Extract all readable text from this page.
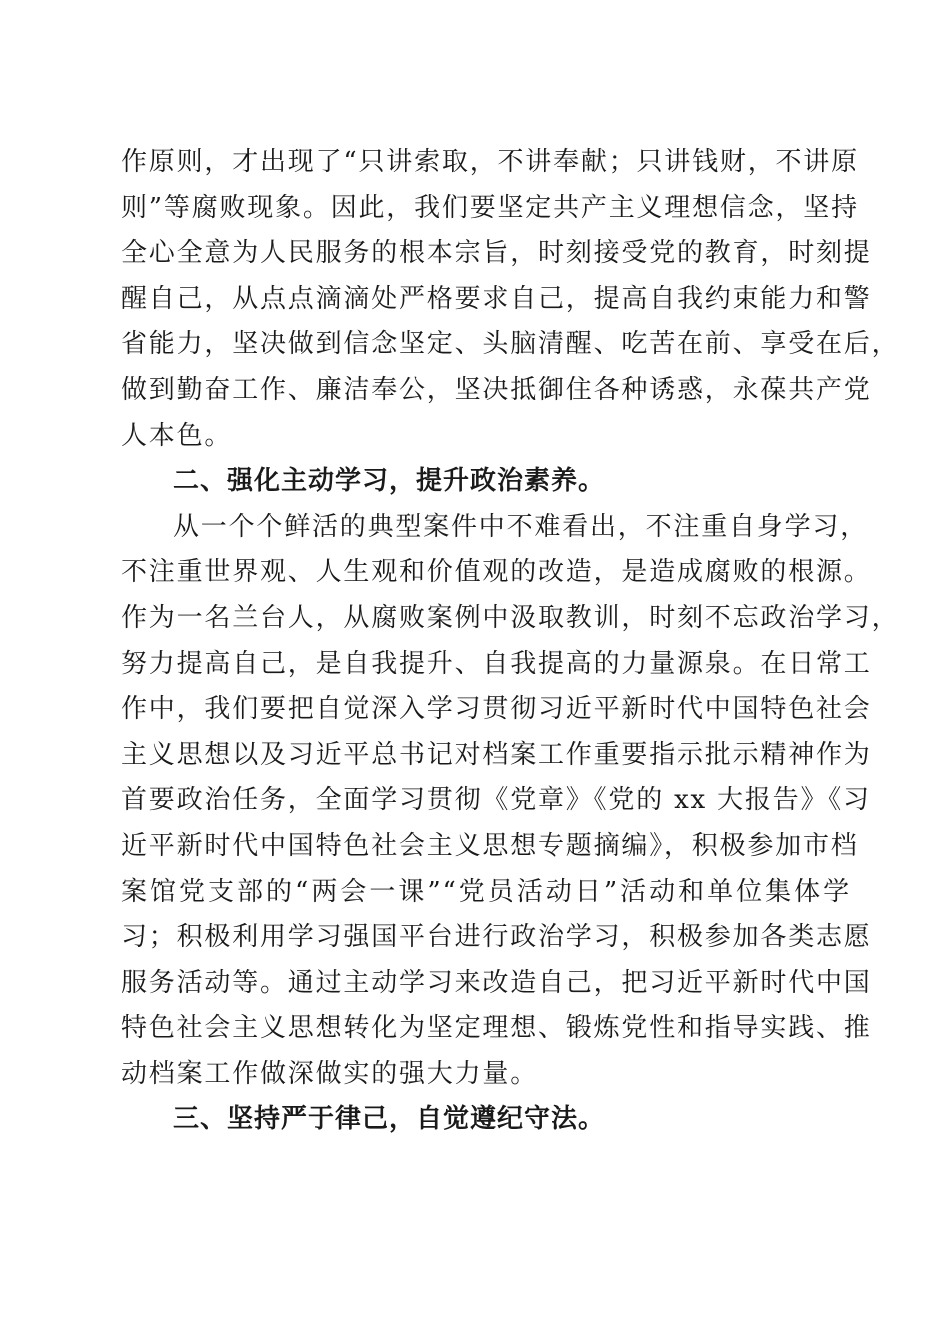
作原则，才出现了“只讲索取，不讲奉献；只讲钱财，不讲原
则”等腐败现象。因此，我们要坚定共产主义理想信念，坚持
全心全意为人民服务的根本宗旨，时刻接受党的教育，时刻提
醒自己，从点点滴滴处严格要求自己，提高自我约束能力和警
省能力，坚决做到信念坚定、头脑清醒、吃苦在前、享受在后，
做到勤奋工作、廉洁奉公，坚决抵御住各种诱惑，永葆共产党
人本色。
二、强化主动学习，提升政治素养。
从一个个鲜活的典型案件中不难看出，不注重自身学习，
不注重世界观、人生观和价值观的改造，是造成腐败的根源。
作为一名兰台人，从腐败案例中汲取教训，时刻不忘政治学习，
努力提高自己，是自我提升、自我提高的力量源泉。在日常工
作中，我们要把自觉深入学习贯彻习近平新时代中国特色社会
主义思想以及习近平总书记对档案工作重要指示批示精神作为
首要政治任务，全面学习贯彻《党章》《党的 xx 大报告》《习
近平新时代中国特色社会主义思想专题摘编》，积极参加市档
案馆党支部的“两会一课”“党员活动日”活动和单位集体学
习；积极利用学习强国平台进行政治学习，积极参加各类志愿
服务活动等。通过主动学习来改造自己，把习近平新时代中国
特色社会主义思想转化为坚定理想、锻炼党性和指导实践、推
动档案工作做深做实的强大力量。
三、坚持严于律己，自觉遵纪守法。
